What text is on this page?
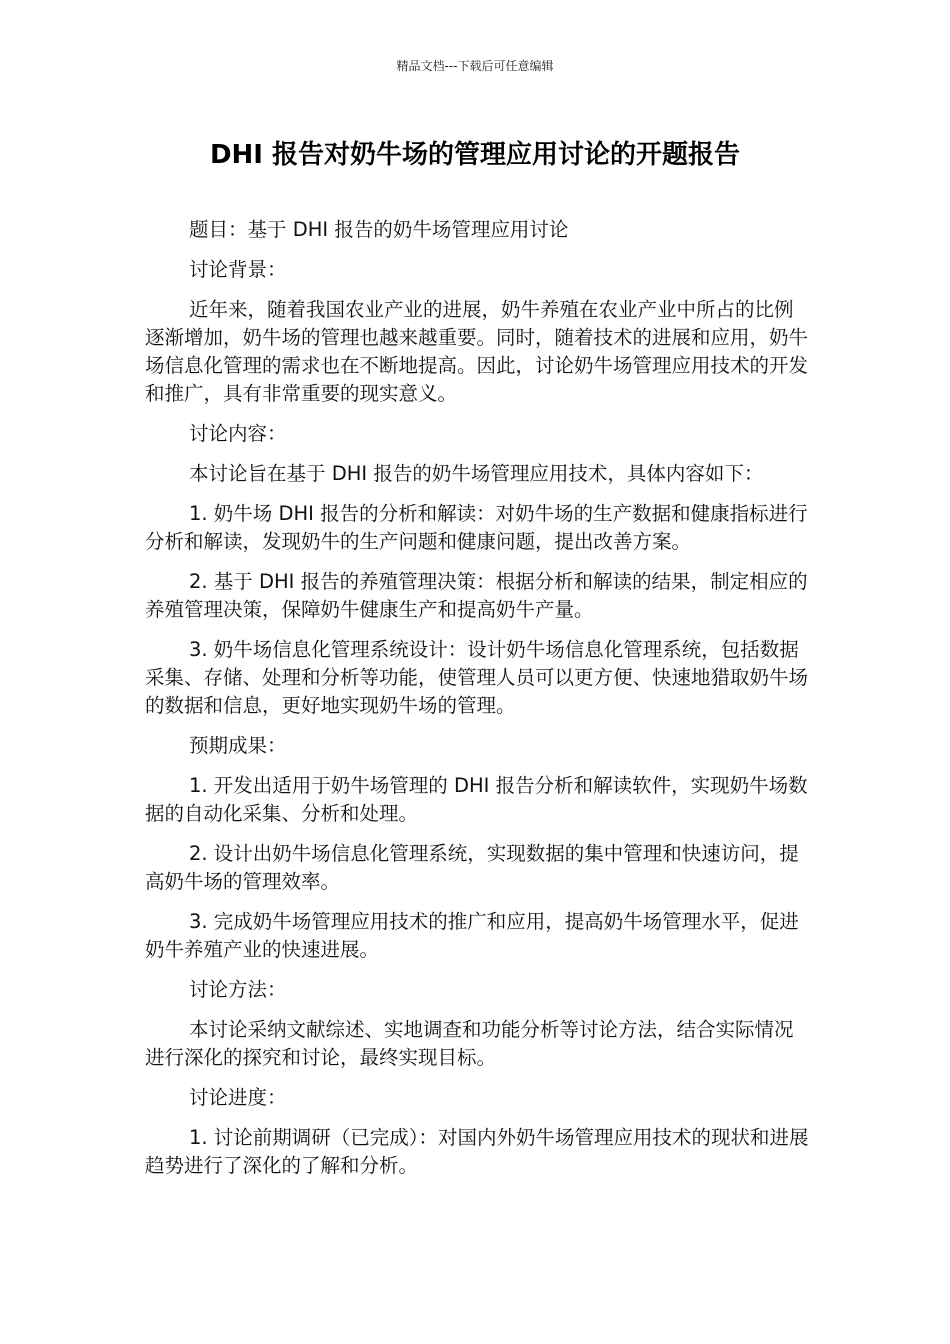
精品文档---下载后可任意编辑
DHI 报告对奶牛场的管理应用讨论的开题报告

题目：基于 DHI 报告的奶牛场管理应用讨论

讨论背景：

近年来，随着我国农业产业的进展，奶牛养殖在农业产业中所占的比例逐渐增加，奶牛场的管理也越来越重要。同时，随着技术的进展和应用，奶牛场信息化管理的需求也在不断地提高。因此，讨论奶牛场管理应用技术的开发和推广，具有非常重要的现实意义。

讨论内容：

本讨论旨在基于 DHI 报告的奶牛场管理应用技术，具体内容如下：

1. 奶牛场 DHI 报告的分析和解读：对奶牛场的生产数据和健康指标进行分析和解读，发现奶牛的生产问题和健康问题，提出改善方案。

2. 基于 DHI 报告的养殖管理决策：根据分析和解读的结果，制定相应的养殖管理决策，保障奶牛健康生产和提高奶牛产量。

3. 奶牛场信息化管理系统设计：设计奶牛场信息化管理系统，包括数据采集、存储、处理和分析等功能，使管理人员可以更方便、快速地猎取奶牛场的数据和信息，更好地实现奶牛场的管理。

预期成果：

1. 开发出适用于奶牛场管理的 DHI 报告分析和解读软件，实现奶牛场数据的自动化采集、分析和处理。

2. 设计出奶牛场信息化管理系统，实现数据的集中管理和快速访问，提高奶牛场的管理效率。

3. 完成奶牛场管理应用技术的推广和应用，提高奶牛场管理水平，促进奶牛养殖产业的快速进展。

讨论方法：

本讨论采纳文献综述、实地调查和功能分析等讨论方法，结合实际情况进行深化的探究和讨论，最终实现目标。

讨论进度：

1. 讨论前期调研（已完成）：对国内外奶牛场管理应用技术的现状和进展趋势进行了深化的了解和分析。
